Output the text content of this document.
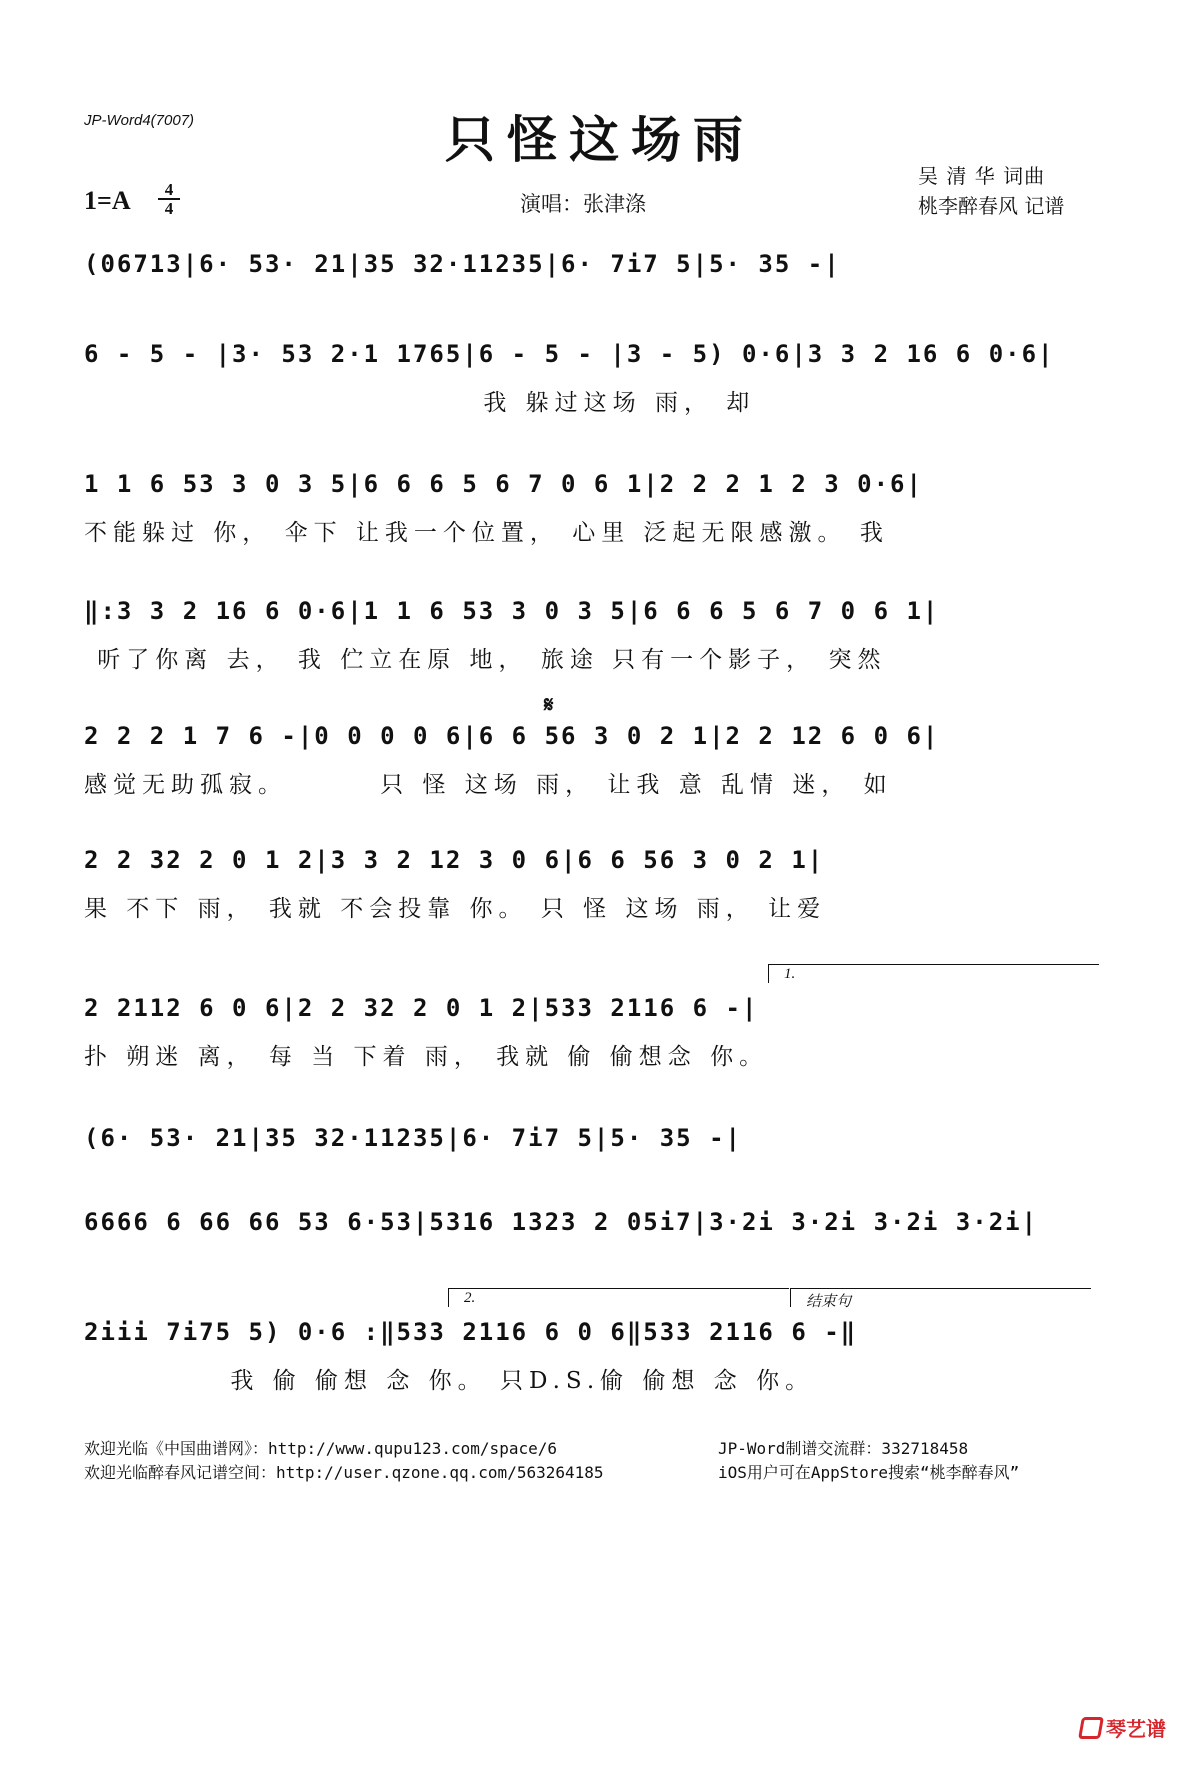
JP-Word4(7007)	只怪这场雨
1=A	4
4	演唱：张津涤
吴 清 华 词曲
桃李醉春风 记谱
(06713|6· 53· 21|35 32·11235|6· 7i7 5|5· 35 -|
6 - 5 - |3· 53 2·1 1765|6 - 5 - |3 - 5) 0·6|3 3 2 16 6 0·6|
我 躲过这场 雨， 却
1 1 6 53 3 0 3 5|6 6 6 5 6 7 0 6 1|2 2 2 1 2 3 0·6|
不能躲过 你， 伞下 让我一个位置， 心里 泛起无限感激。 我
‖:3 3 2 16 6 0·6|1 1 6 53 3 0 3 5|6 6 6 5 6 7 0 6 1|
听了你离 去， 我 伫立在原 地， 旅途 只有一个影子， 突然
𝄋
2 2 2 1 7 6 -|0 0 0 0 6|6 6 56 3 0 2 1|2 2 12 6 0 6|
感觉无助孤寂。       只 怪 这场 雨， 让我 意 乱情 迷， 如
2 2 32 2 0 1 2|3 3 2 12 3 0 6|6 6 56 3 0 2 1|
果 不下 雨， 我就 不会投靠 你。 只 怪 这场 雨， 让爱
1.
2 2112 6 0 6|2 2 32 2 0 1 2|533 2116 6 -|
扑 朔迷 离， 每 当 下着 雨， 我就 偷 偷想念 你。
(6· 53· 21|35 32·11235|6· 7i7 5|5· 35 -|
6666 6 66 66 53 6·53|5316 1323 2 05i7|3·2i 3·2i 3·2i 3·2i|
2.	结束句
2iii 7i75 5) 0·6 :‖533 2116 6 0 6‖533 2116 6 -‖
我 偷 偷想 念 你。 只D.S.偷 偷想 念 你。
欢迎光临《中国曲谱网》：http://www.qupu123.com/space/6
欢迎光临醉春风记谱空间：http://user.qzone.qq.com/563264185
JP-Word制谱交流群：332718458
iOS用户可在AppStore搜索“桃李醉春风”
琴艺谱
